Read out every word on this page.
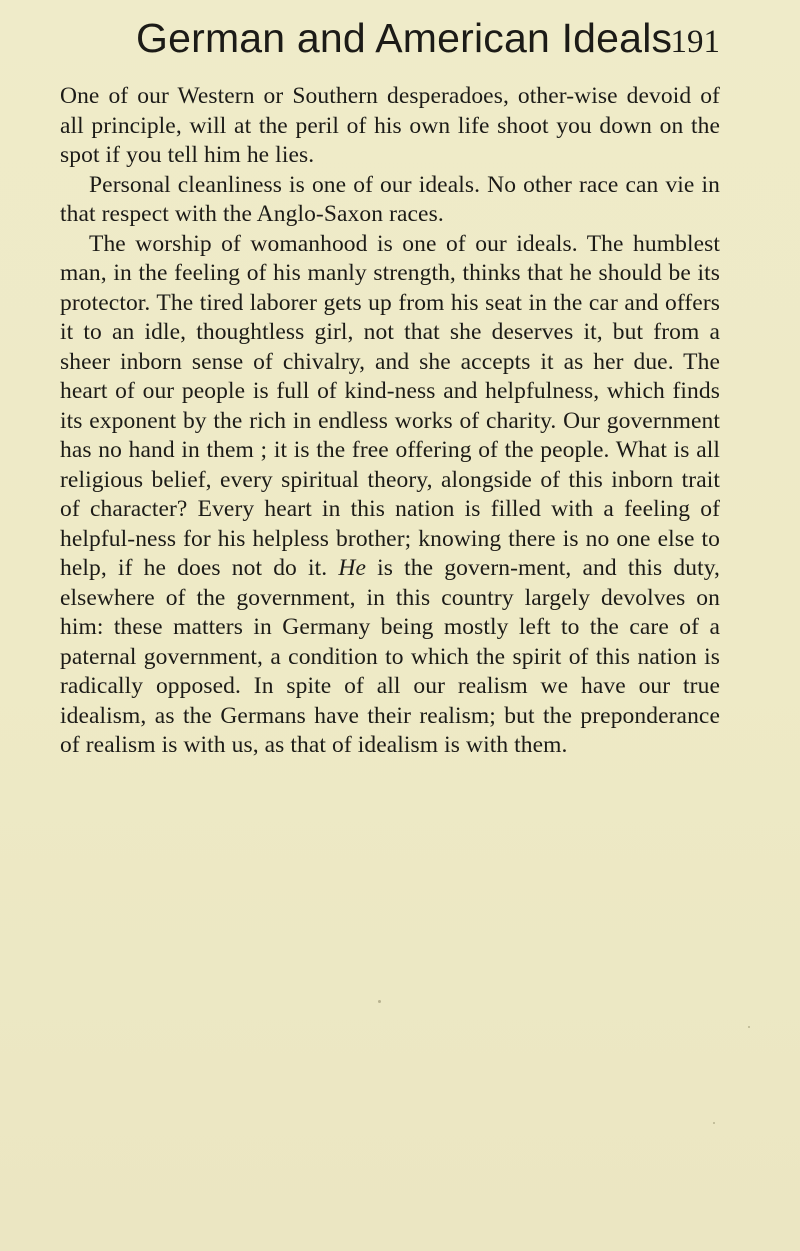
German and American Ideals
191

One of our Western or Southern desperadoes, other-wise devoid of all principle, will at the peril of his own life shoot you down on the spot if you tell him he lies.

Personal cleanliness is one of our ideals. No other race can vie in that respect with the Anglo-Saxon races.

The worship of womanhood is one of our ideals. The humblest man, in the feeling of his manly strength, thinks that he should be its protector. The tired laborer gets up from his seat in the car and offers it to an idle, thoughtless girl, not that she deserves it, but from a sheer inborn sense of chivalry, and she accepts it as her due. The heart of our people is full of kind-ness and helpfulness, which finds its exponent by the rich in endless works of charity. Our government has no hand in them ; it is the free offering of the people. What is all religious belief, every spiritual theory, alongside of this inborn trait of character? Every heart in this nation is filled with a feeling of helpful-ness for his helpless brother; knowing there is no one else to help, if he does not do it. He is the govern-ment, and this duty, elsewhere of the government, in this country largely devolves on him: these matters in Germany being mostly left to the care of a paternal government, a condition to which the spirit of this nation is radically opposed. In spite of all our realism we have our true idealism, as the Germans have their realism; but the preponderance of realism is with us, as that of idealism is with them.
